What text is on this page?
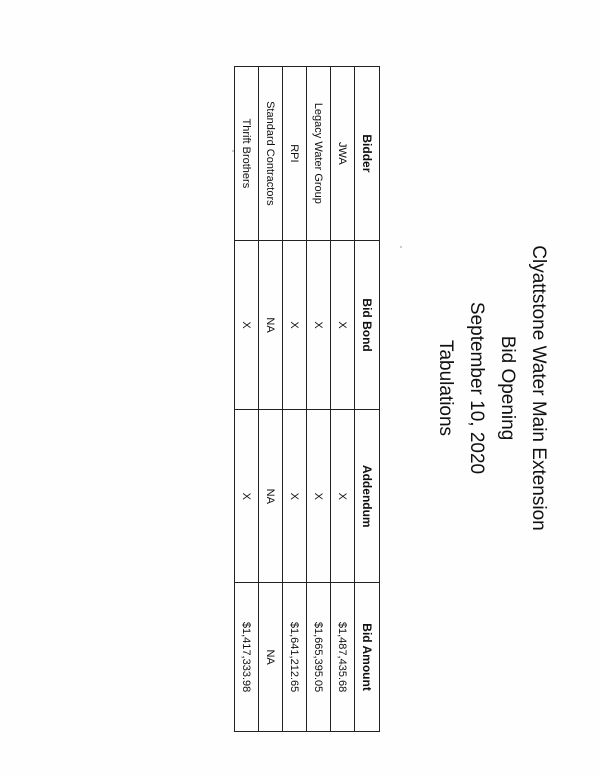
Clyattstone Water Main Extension
Bid Opening
September 10, 2020
Tabulations
Bidder	Bid Bond	Addendum	Bid Amount
JWA	X	X	$1,487,435.68
Legacy Water Group	X	X	$1,665,395.05
RPI	X	X	$1,641,212.65
Standard Contractors	NA	NA	NA
Thrift Brothers	X	X	$1,417,333.98
